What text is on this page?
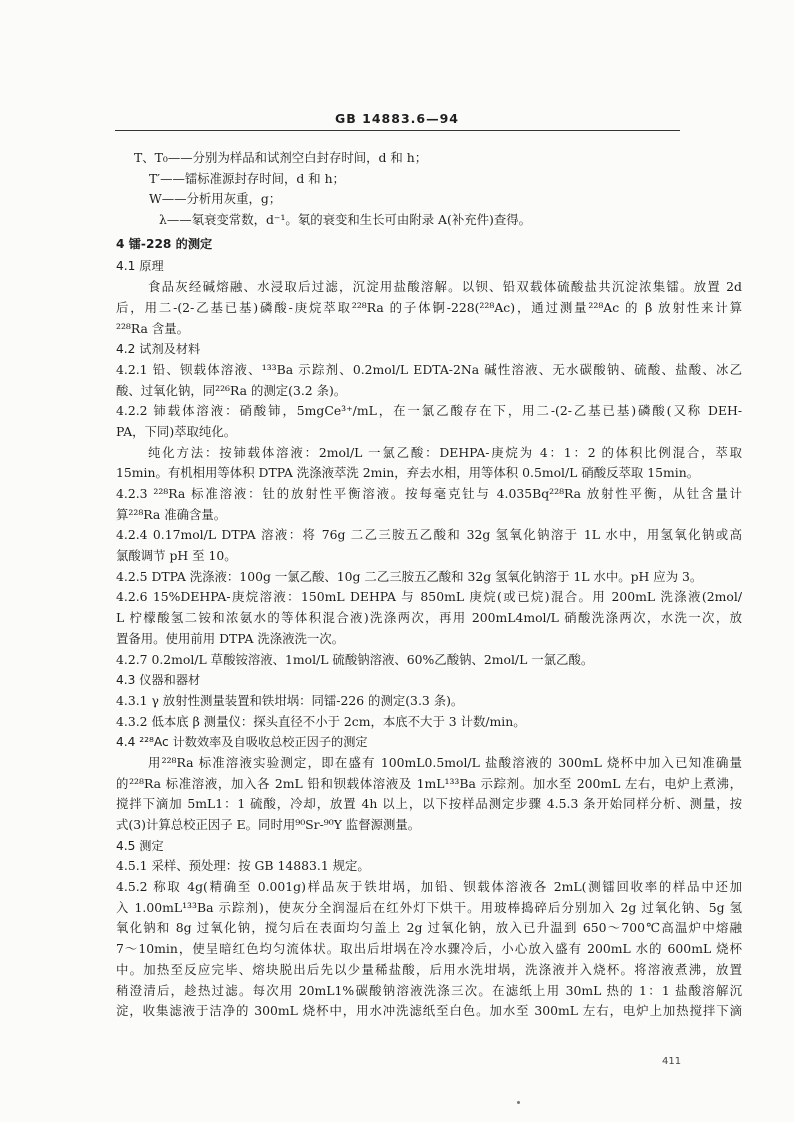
GB 14883.6—94
T、T₀——分别为样品和试剂空白封存时间，d 和 h；
T′——镭标准源封存时间，d 和 h；
W——分析用灰重，g；
λ——氡衰变常数，d⁻¹。氡的衰变和生长可由附录 A(补充件)查得。
4 镭-228 的测定
4.1 原理
食品灰经碱熔融、水浸取后过滤，沉淀用盐酸溶解。以钡、铅双载体硫酸盐共沉淀浓集镭。放置 2d
后，用二-(2-乙基已基)磷酸-庚烷萃取²²⁸Ra 的子体锕-228(²²⁸Ac)，通过测量²²⁸Ac 的 β 放射性来计算
²²⁸Ra 含量。
4.2 试剂及材料
4.2.1 铅、钡载体溶液、¹³³Ba 示踪剂、0.2mol/L EDTA-2Na 碱性溶液、无水碳酸钠、硫酸、盐酸、冰乙
酸、过氧化钠，同²²⁶Ra 的测定(3.2 条)。
4.2.2 铈载体溶液：硝酸铈，5mgCe³⁺/mL，在一氯乙酸存在下，用二-(2-乙基已基)磷酸(又称 DEH-
PA，下同)萃取纯化。
纯化方法：按铈载体溶液：2mol/L 一氯乙酸：DEHPA-庚烷为 4：1：2 的体积比例混合，萃取
15min。有机相用等体积 DTPA 洗涤液萃洗 2min，弃去水相，用等体积 0.5mol/L 硝酸反萃取 15min。
4.2.3 ²²⁸Ra 标准溶液：钍的放射性平衡溶液。按每毫克钍与 4.035Bq²²⁸Ra 放射性平衡，从钍含量计
算²²⁸Ra 准确含量。
4.2.4 0.17mol/L DTPA 溶液：将 76g 二乙三胺五乙酸和 32g 氢氧化钠溶于 1L 水中，用氢氧化钠或高
氯酸调节 pH 至 10。
4.2.5 DTPA 洗涤液：100g 一氯乙酸、10g 二乙三胺五乙酸和 32g 氢氧化钠溶于 1L 水中。pH 应为 3。
4.2.6 15%DEHPA-庚烷溶液：150mL DEHPA 与 850mL 庚烷(或已烷)混合。用 200mL 洗涤液(2mol/
L 柠檬酸氢二铵和浓氨水的等体积混合液)洗涤两次，再用 200mL4mol/L 硝酸洗涤两次，水洗一次，放
置备用。使用前用 DTPA 洗涤液洗一次。
4.2.7 0.2mol/L 草酸铵溶液、1mol/L 硫酸钠溶液、60%乙酸钠、2mol/L 一氯乙酸。
4.3 仪器和器材
4.3.1 γ 放射性测量装置和铁坩埚：同镭-226 的测定(3.3 条)。
4.3.2 低本底 β 测量仪：探头直径不小于 2cm，本底不大于 3 计数/min。
4.4 ²²⁸Ac 计数效率及自吸收总校正因子的测定
用²²⁸Ra 标准溶液实验测定，即在盛有 100mL0.5mol/L 盐酸溶液的 300mL 烧杯中加入已知准确量
的²²⁸Ra 标准溶液，加入各 2mL 铅和钡载体溶液及 1mL¹³³Ba 示踪剂。加水至 200mL 左右，电炉上煮沸，
搅拌下滴加 5mL1：1 硫酸，冷却，放置 4h 以上，以下按样品测定步骤 4.5.3 条开始同样分析、测量，按
式(3)计算总校正因子 E。同时用⁹⁰Sr-⁹⁰Y 监督源测量。
4.5 测定
4.5.1 采样、预处理：按 GB 14883.1 规定。
4.5.2 称取 4g(精确至 0.001g)样品灰于铁坩埚，加铅、钡载体溶液各 2mL(测镭回收率的样品中还加
入 1.00mL¹³³Ba 示踪剂)，使灰分全润湿后在红外灯下烘干。用玻棒捣碎后分别加入 2g 过氧化钠、5g 氢
氧化钠和 8g 过氧化钠，搅匀后在表面均匀盖上 2g 过氧化钠，放入已升温到 650～700℃高温炉中熔融
7～10min，使呈暗红色均匀流体状。取出后坩埚在冷水骤冷后，小心放入盛有 200mL 水的 600mL 烧杯
中。加热至反应完毕、熔块脱出后先以少量稀盐酸，后用水洗坩埚，洗涤液并入烧杯。将溶液煮沸，放置
稍澄清后，趁热过滤。每次用 20mL1%碳酸钠溶液洗涤三次。在滤纸上用 30mL 热的 1：1 盐酸溶解沉
淀，收集滤液于洁净的 300mL 烧杯中，用水冲洗滤纸至白色。加水至 300mL 左右，电炉上加热搅拌下滴
411
